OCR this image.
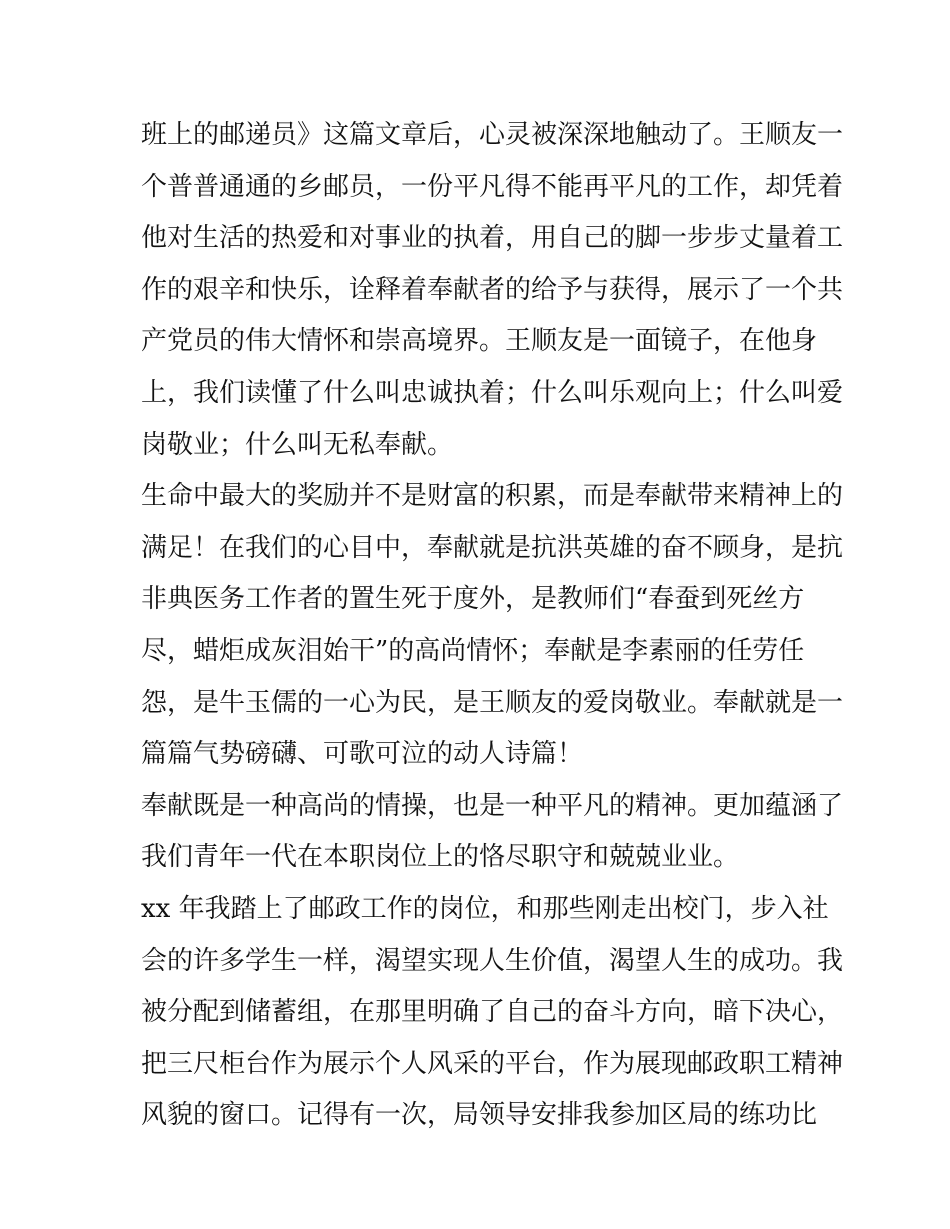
班上的邮递员》这篇文章后，心灵被深深地触动了。王顺友一
个普普通通的乡邮员，一份平凡得不能再平凡的工作，却凭着
他对生活的热爱和对事业的执着，用自己的脚一步步丈量着工
作的艰辛和快乐，诠释着奉献者的给予与获得，展示了一个共
产党员的伟大情怀和崇高境界。王顺友是一面镜子，在他身
上，我们读懂了什么叫忠诚执着；什么叫乐观向上；什么叫爱
岗敬业；什么叫无私奉献。
生命中最大的奖励并不是财富的积累，而是奉献带来精神上的
满足！在我们的心目中，奉献就是抗洪英雄的奋不顾身，是抗
非典医务工作者的置生死于度外，是教师们“春蚕到死丝方
尽，蜡炬成灰泪始干”的高尚情怀；奉献是李素丽的任劳任
怨，是牛玉儒的一心为民，是王顺友的爱岗敬业。奉献就是一
篇篇气势磅礴、可歌可泣的动人诗篇！
奉献既是一种高尚的情操，也是一种平凡的精神。更加蕴涵了
我们青年一代在本职岗位上的恪尽职守和兢兢业业。
xx 年我踏上了邮政工作的岗位，和那些刚走出校门，步入社
会的许多学生一样，渴望实现人生价值，渴望人生的成功。我
被分配到储蓄组，在那里明确了自己的奋斗方向，暗下决心，
把三尺柜台作为展示个人风采的平台，作为展现邮政职工精神
风貌的窗口。记得有一次，局领导安排我参加区局的练功比
